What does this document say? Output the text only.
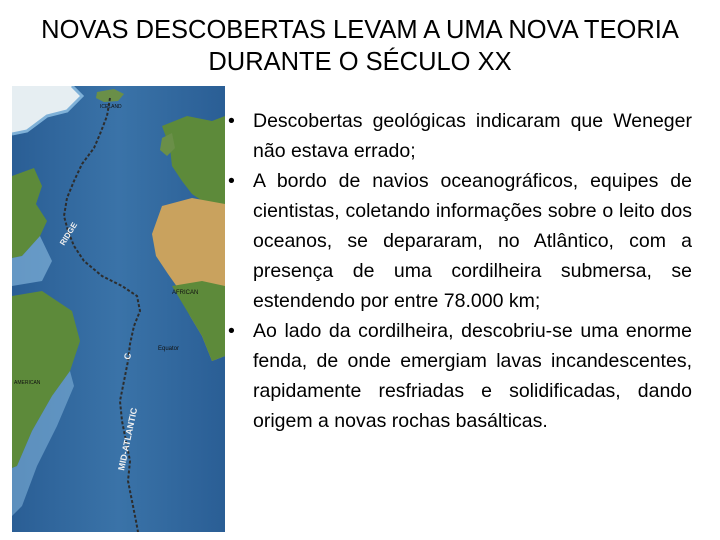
NOVAS DESCOBERTAS LEVAM A UMA NOVA TEORIA
DURANTE O SÉCULO XX
ICELAND
RIDGE
AFRICAN
Equator
AMERICAN
C
MID-ATLANTIC
• Descobertas geológicas indicaram que Weneger não estava errado;
• A bordo de navios oceanográficos, equipes de cientistas, coletando informações sobre o leito dos oceanos, se depararam, no Atlântico, com a presença de uma cordilheira submersa, se estendendo por entre 78.000 km;
• Ao lado da cordilheira, descobriu-se uma enorme fenda, de onde emergiam lavas incandescentes, rapidamente resfriadas e solidificadas, dando origem a novas rochas basálticas.
